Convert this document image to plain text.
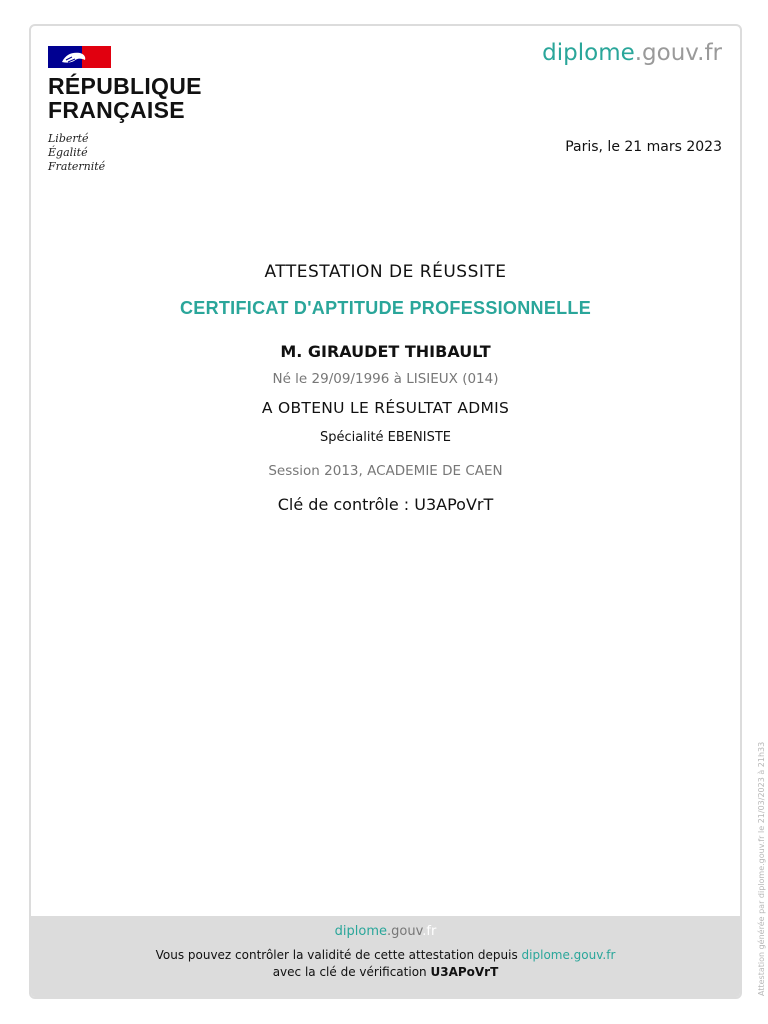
RÉPUBLIQUE
FRANÇAISE
Liberté
Égalité
Fraternité
diplome.gouv.fr
Paris, le 21 mars 2023
ATTESTATION DE RÉUSSITE
CERTIFICAT D'APTITUDE PROFESSIONNELLE
M. GIRAUDET THIBAULT
Né le 29/09/1996 à LISIEUX (014)
A OBTENU LE RÉSULTAT ADMIS
Spécialité EBENISTE
Session 2013, ACADEMIE DE CAEN
Clé de contrôle : U3APoVrT
diplome.gouv.fr
Vous pouvez contrôler la validité de cette attestation depuis diplome.gouv.fr
avec la clé de vérification U3APoVrT	Attestation générée par diplome.gouv.fr le 21/03/2023 à 21h33
